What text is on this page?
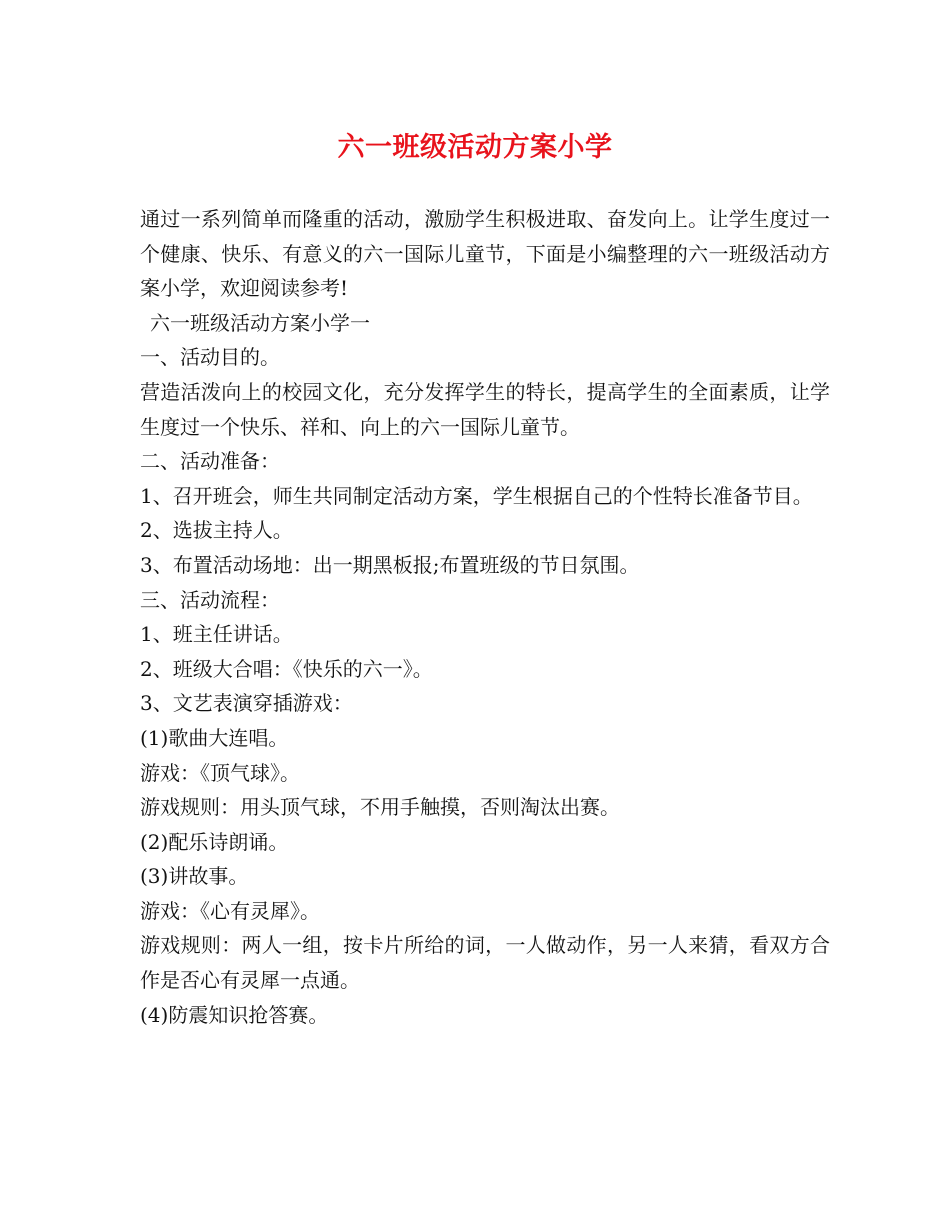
六一班级活动方案小学

通过一系列简单而隆重的活动，激励学生积极进取、奋发向上。让学生度过一个健康、快乐、有意义的六一国际儿童节，下面是小编整理的六一班级活动方案小学，欢迎阅读参考!

六一班级活动方案小学一

一、活动目的。

营造活泼向上的校园文化，充分发挥学生的特长，提高学生的全面素质，让学生度过一个快乐、祥和、向上的六一国际儿童节。

二、活动准备：

1、召开班会，师生共同制定活动方案，学生根据自己的个性特长准备节目。

2、选拔主持人。

3、布置活动场地：出一期黑板报;布置班级的节日氛围。

三、活动流程：

1、班主任讲话。

2、班级大合唱：《快乐的六一》。

3、文艺表演穿插游戏：

(1)歌曲大连唱。

游戏：《顶气球》。

游戏规则：用头顶气球，不用手触摸，否则淘汰出赛。

(2)配乐诗朗诵。

(3)讲故事。

游戏：《心有灵犀》。

游戏规则：两人一组，按卡片所给的词，一人做动作，另一人来猜，看双方合作是否心有灵犀一点通。

(4)防震知识抢答赛。
